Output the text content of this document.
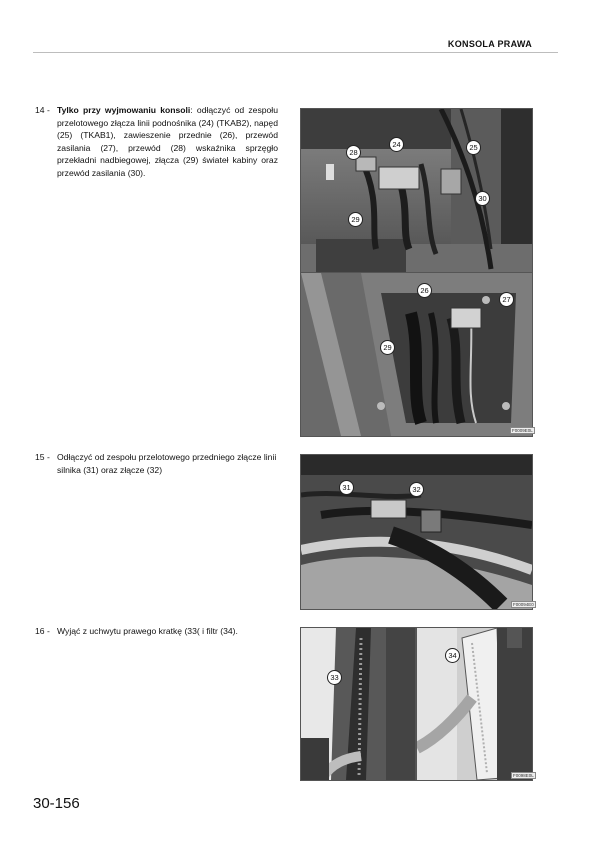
KONSOLA PRAWA
14 - Tylko przy wyjmowaniu konsoli: odłączyć od zespołu przelotowego złącza linii podnośnika (24) (TKAB2), napęd (25) (TKAB1), zawieszenie przednie (26), przewód zasilania (27), przewód (28) wskaźnika sprzęgło przekładni nadbiegowej, złącza (29) świateł kabiny oraz przewód zasilania (30).
15 - Odłączyć od zespołu przelotowego przedniego złącze linii silnika (31) oraz złącze (32)
16 - Wyjąć z uchwytu prawego kratkę (33( i filtr (34).
24	25
28
30
29
F0009E0L
26
27
29
F00094E0
31	32
33
F0098E0L
34
30-156
